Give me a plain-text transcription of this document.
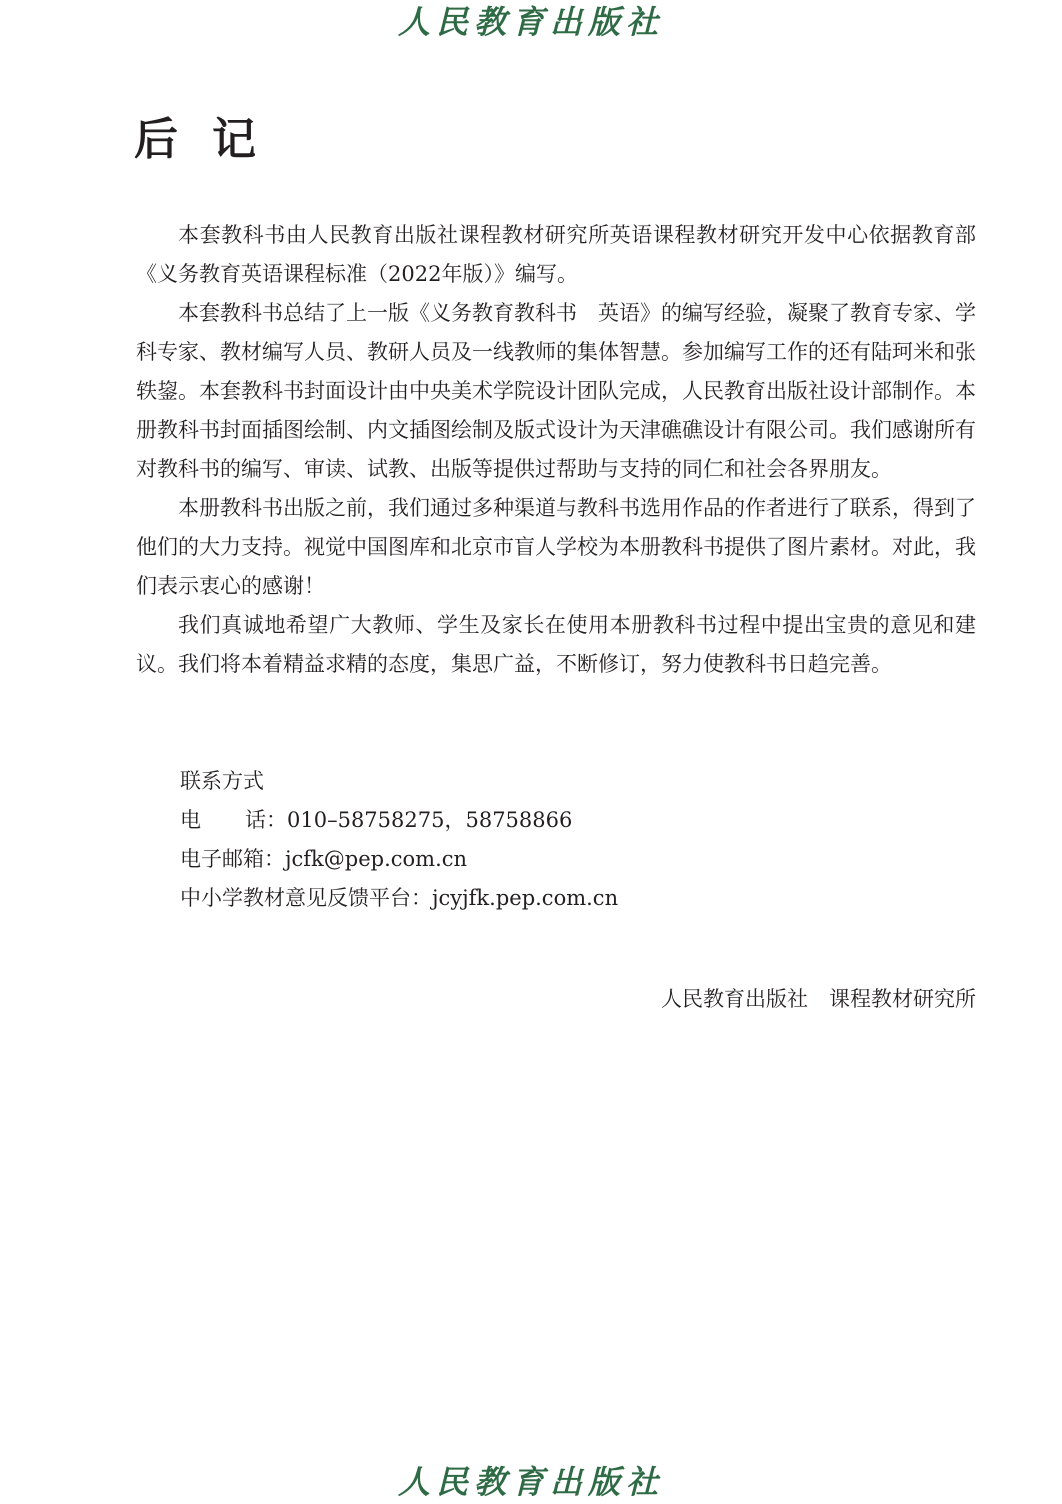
人民教育出版社
后记

本套教科书由人民教育出版社课程教材研究所英语课程教材研究开发中心依据教育部《义务教育英语课程标准（2022年版）》编写。

本套教科书总结了上一版《义务教育教科书　英语》的编写经验，凝聚了教育专家、学科专家、教材编写人员、教研人员及一线教师的集体智慧。参加编写工作的还有陆珂米和张轶鋆。本套教科书封面设计由中央美术学院设计团队完成，人民教育出版社设计部制作。本册教科书封面插图绘制、内文插图绘制及版式设计为天津礁礁设计有限公司。我们感谢所有对教科书的编写、审读、试教、出版等提供过帮助与支持的同仁和社会各界朋友。

本册教科书出版之前，我们通过多种渠道与教科书选用作品的作者进行了联系，得到了他们的大力支持。视觉中国图库和北京市盲人学校为本册教科书提供了图片素材。对此，我们表示衷心的感谢！

我们真诚地希望广大教师、学生及家长在使用本册教科书过程中提出宝贵的意见和建议。我们将本着精益求精的态度，集思广益，不断修订，努力使教科书日趋完善。

联系方式
电 话：010–58758275，58758866
电子邮箱：jcfk@pep.com.cn
中小学教材意见反馈平台：jcyjfk.pep.com.cn
人民教育出版社　课程教材研究所
人民教育出版社
